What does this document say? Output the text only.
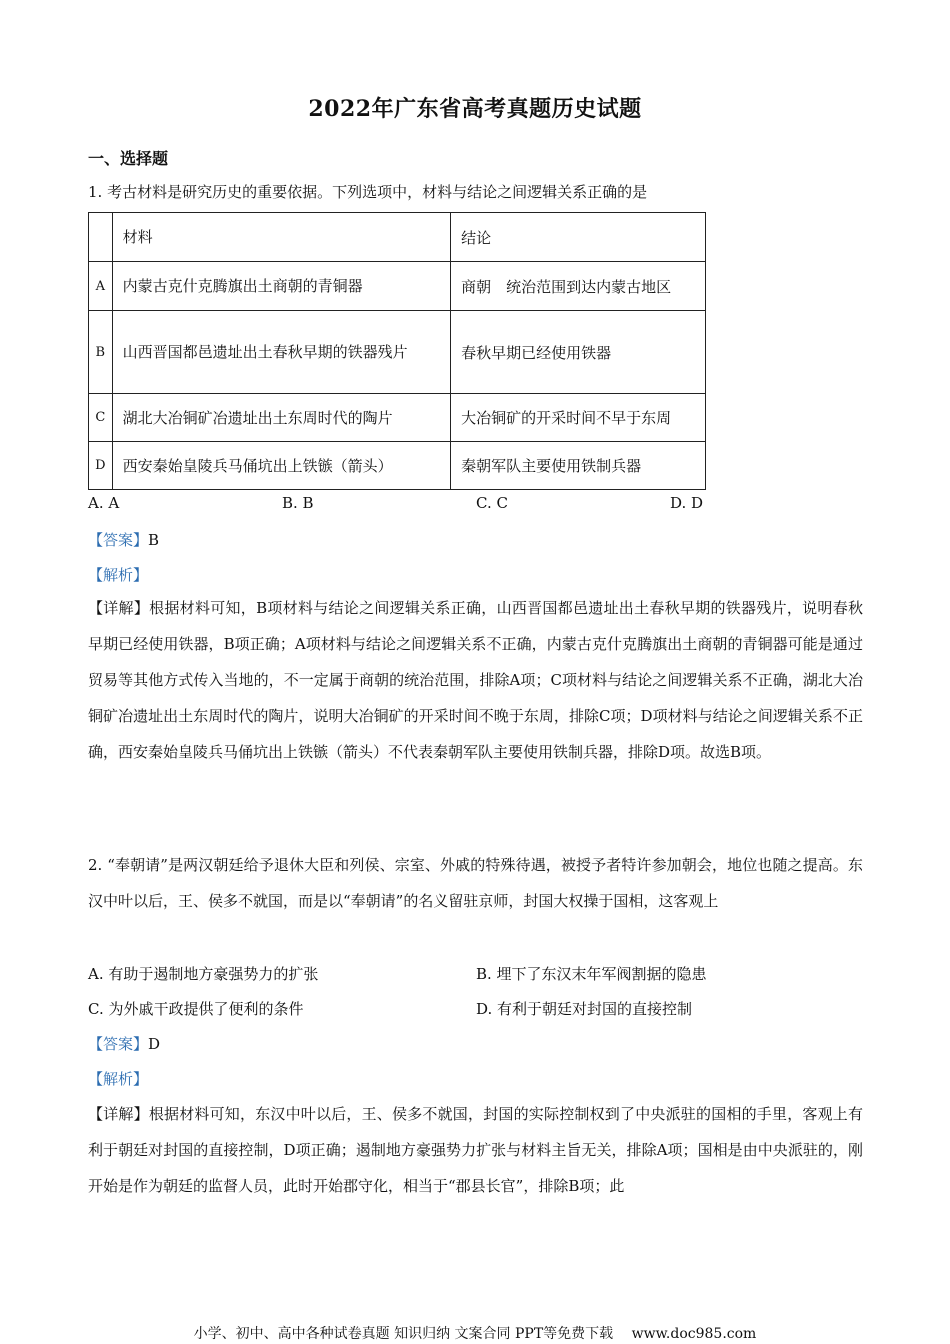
2022年广东省高考真题历史试题
一、选择题
1. 考古材料是研究历史的重要依据。下列选项中，材料与结论之间逻辑关系正确的是
	材料	结论
A	内蒙古克什克腾旗出土商朝的青铜器	商朝　统治范围到达内蒙古地区
B	山西晋国都邑遗址出土春秋早期的铁器残片	春秋早期已经使用铁器
C	湖北大冶铜矿冶遗址出土东周时代的陶片	大冶铜矿的开采时间不早于东周
D	西安秦始皇陵兵马俑坑出上铁镞（箭头）	秦朝军队主要使用铁制兵器
A. A	B. B	C. C	D. D
【答案】B
【解析】
【详解】根据材料可知，B项材料与结论之间逻辑关系正确，山西晋国都邑遗址出土春秋早期的铁器残片，说明春秋早期已经使用铁器，B项正确；A项材料与结论之间逻辑关系不正确，内蒙古克什克腾旗出土商朝的青铜器可能是通过贸易等其他方式传入当地的，不一定属于商朝的统治范围，排除A项；C项材料与结论之间逻辑关系不正确，湖北大冶铜矿冶遗址出土东周时代的陶片，说明大冶铜矿的开采时间不晚于东周，排除C项；D项材料与结论之间逻辑关系不正确，西安秦始皇陵兵马俑坑出上铁镞（箭头）不代表秦朝军队主要使用铁制兵器，排除D项。故选B项。
2. “奉朝请”是两汉朝廷给予退休大臣和列侯、宗室、外戚的特殊待遇，被授予者特许参加朝会，地位也随之提高。东汉中叶以后，王、侯多不就国，而是以“奉朝请”的名义留驻京师，封国大权操于国相，这客观上
A. 有助于遏制地方豪强势力的扩张	B. 埋下了东汉末年军阀割据的隐患
C. 为外戚干政提供了便利的条件	D. 有利于朝廷对封国的直接控制
【答案】D
【解析】
【详解】根据材料可知，东汉中叶以后，王、侯多不就国，封国的实际控制权到了中央派驻的国相的手里，客观上有利于朝廷对封国的直接控制，D项正确；遏制地方豪强势力扩张与材料主旨无关，排除A项；国相是由中央派驻的，刚开始是作为朝廷的监督人员，此时开始郡守化，相当于“郡县长官”，排除B项；此
小学、初中、高中各种试卷真题 知识归纳 文案合同 PPT等免费下载　 www.doc985.com
